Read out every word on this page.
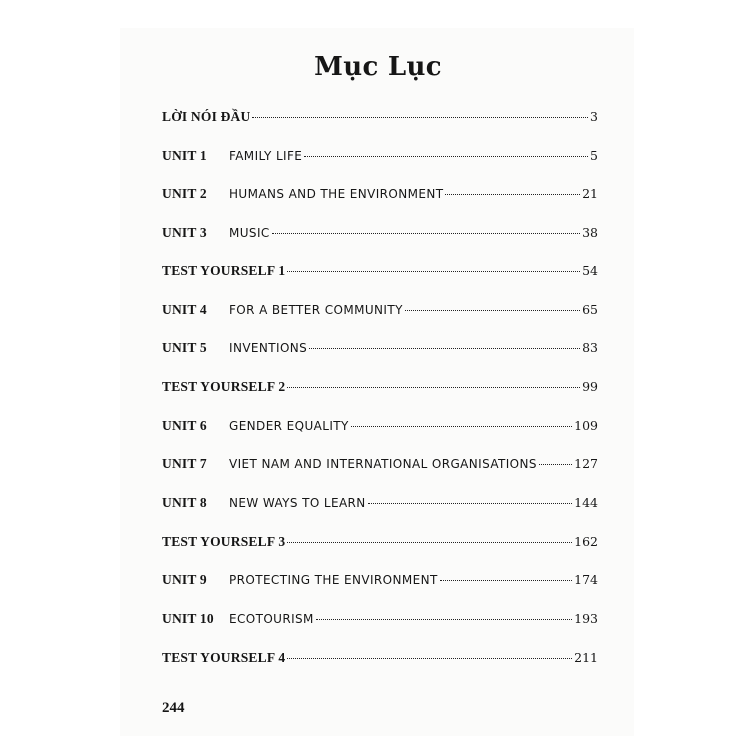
Mục Lục
LỜI NÓI ĐẦU	3
UNIT 1	FAMILY LIFE	5
UNIT 2	HUMANS AND THE ENVIRONMENT	21
UNIT 3	MUSIC	38
TEST YOURSELF 1	54
UNIT 4	FOR A BETTER COMMUNITY	65
UNIT 5	INVENTIONS	83
TEST YOURSELF 2	99
UNIT 6	GENDER EQUALITY	109
UNIT 7	VIET NAM AND INTERNATIONAL ORGANISATIONS	127
UNIT 8	NEW WAYS TO LEARN	144
TEST YOURSELF 3	162
UNIT 9	PROTECTING THE ENVIRONMENT	174
UNIT 10	ECOTOURISM	193
TEST YOURSELF 4	211
244
